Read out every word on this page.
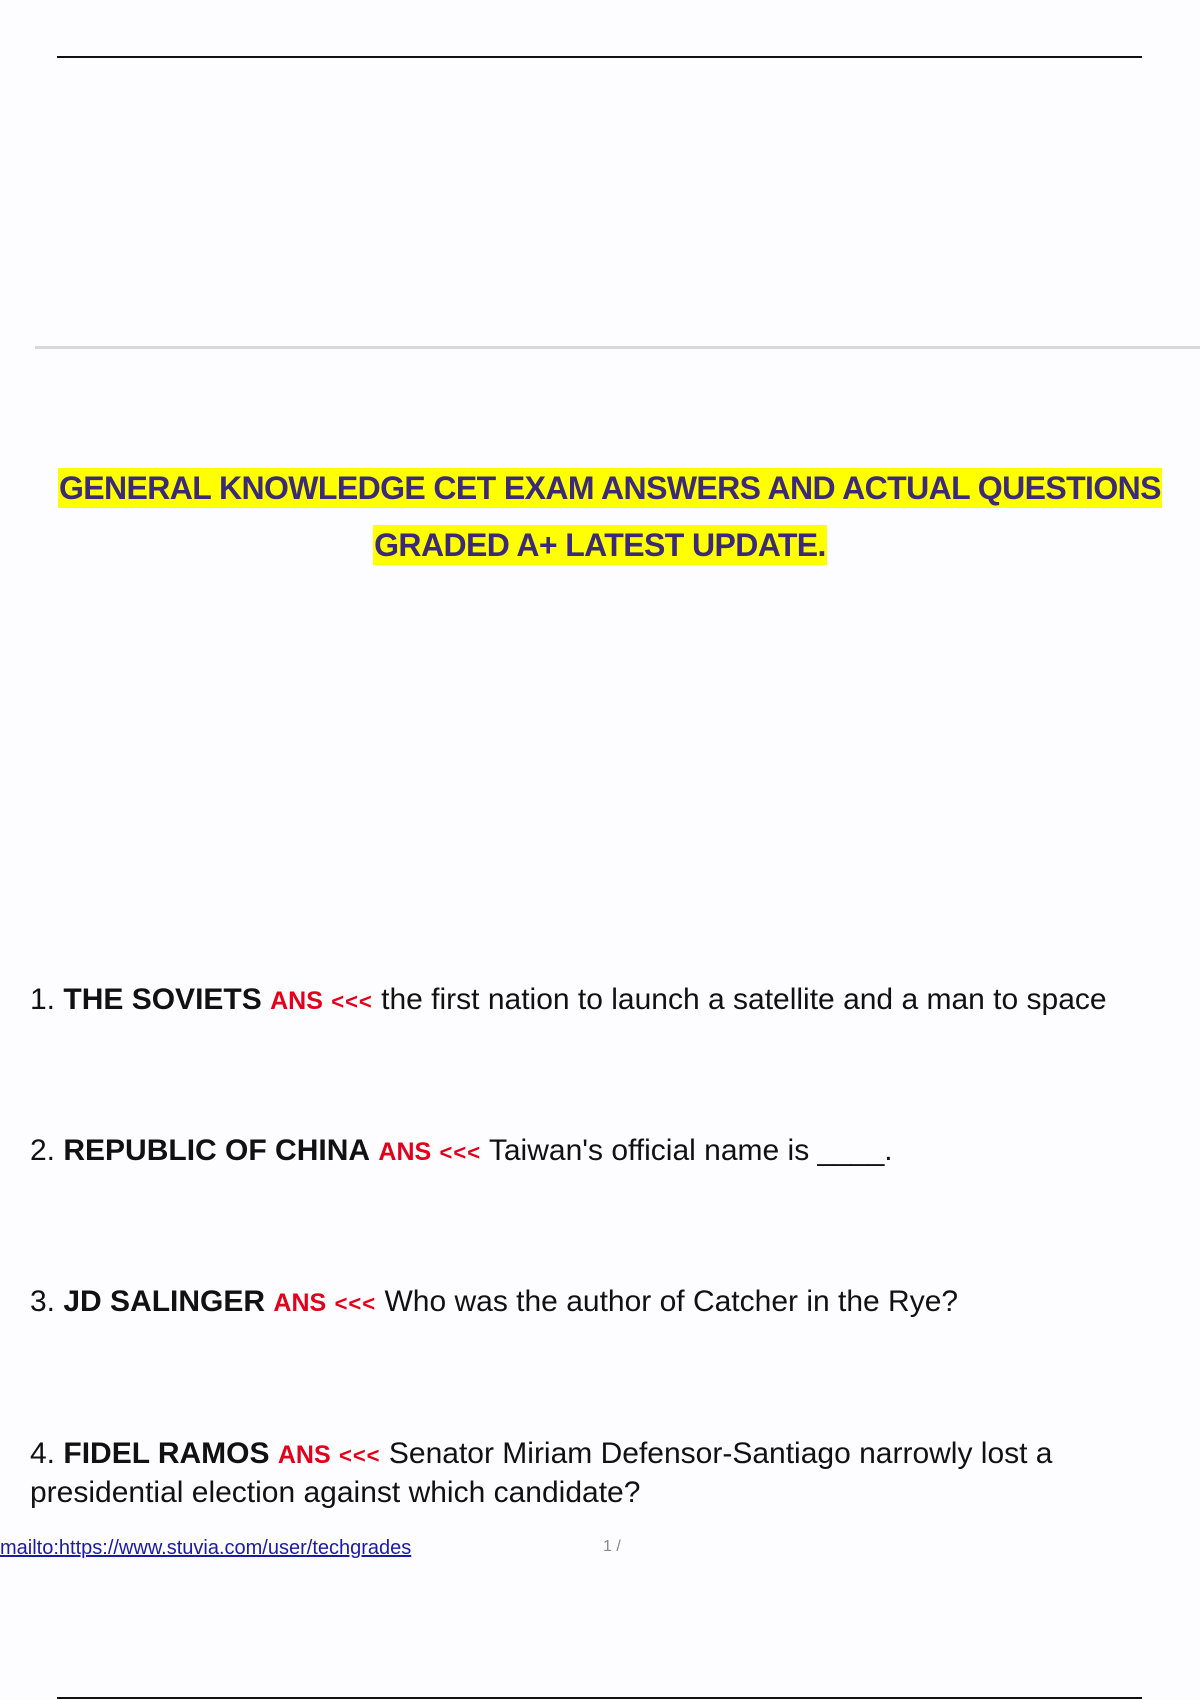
GENERAL KNOWLEDGE CET EXAM ANSWERS AND ACTUAL QUESTIONS
GRADED A+ LATEST UPDATE.
1. THE SOVIETS ANS <<< the first nation to launch a satellite and a man to space
2. REPUBLIC OF CHINA ANS <<< Taiwan's official name is ____.
3. JD SALINGER ANS <<< Who was the author of Catcher in the Rye?
4. FIDEL RAMOS ANS <<< Senator Miriam Defensor-Santiago narrowly lost a presidential election against which candidate?
mailto:https://www.stuvia.com/user/techgrades	1 /
